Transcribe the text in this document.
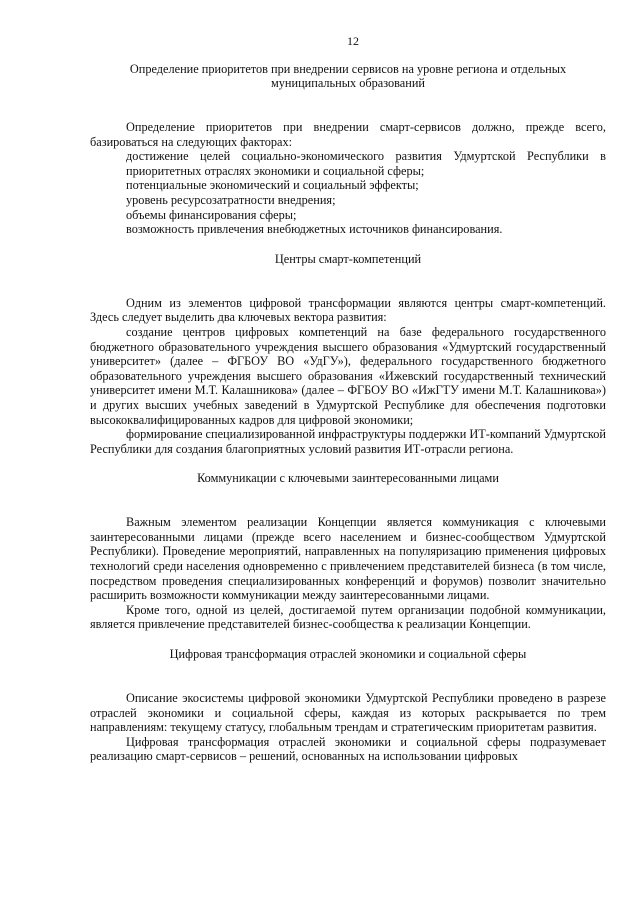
12
Определение приоритетов при внедрении сервисов на уровне региона и отдельных
муниципальных образований

Определение приоритетов при внедрении смарт-сервисов должно, прежде всего, базироваться на следующих факторах:

достижение целей социально-экономического развития Удмуртской Республики в приоритетных отраслях экономики и социальной сферы;

потенциальные экономический и социальный эффекты;

уровень ресурсозатратности внедрения;

объемы финансирования сферы;

возможность привлечения внебюджетных источников финансирования.

Центры смарт-компетенций

Одним из элементов цифровой трансформации являются центры смарт-компетенций. Здесь следует выделить два ключевых вектора развития:

создание центров цифровых компетенций на базе федерального государственного бюджетного образовательного учреждения высшего образования «Удмуртский государственный университет» (далее – ФГБОУ ВО «УдГУ»), федерального государственного бюджетного образовательного учреждения высшего образования «Ижевский государственный технический университет имени М.Т. Калашникова» (далее – ФГБОУ ВО «ИжГТУ имени М.Т. Калашникова») и других высших учебных заведений в Удмуртской Республике для обеспечения подготовки высококвалифицированных кадров для цифровой экономики;

формирование специализированной инфраструктуры поддержки ИТ-компаний Удмуртской Республики для создания благоприятных условий развития ИТ-отрасли региона.

Коммуникации с ключевыми заинтересованными лицами

Важным элементом реализации Концепции является коммуникация с ключевыми заинтересованными лицами (прежде всего населением и бизнес-сообществом Удмуртской Республики). Проведение мероприятий, направленных на популяризацию применения цифровых технологий среди населения одновременно с привлечением представителей бизнеса (в том числе, посредством проведения специализированных конференций и форумов) позволит значительно расширить возможности коммуникации между заинтересованными лицами.

Кроме того, одной из целей, достигаемой путем организации подобной коммуникации, является привлечение представителей бизнес-сообщества к реализации Концепции.

Цифровая трансформация отраслей экономики и социальной сферы

Описание экосистемы цифровой экономики Удмуртской Республики проведено в разрезе отраслей экономики и социальной сферы, каждая из которых раскрывается по трем направлениям: текущему статусу, глобальным трендам и стратегическим приоритетам развития.

Цифровая трансформация отраслей экономики и социальной сферы подразумевает реализацию смарт-сервисов – решений, основанных на использовании цифровых
